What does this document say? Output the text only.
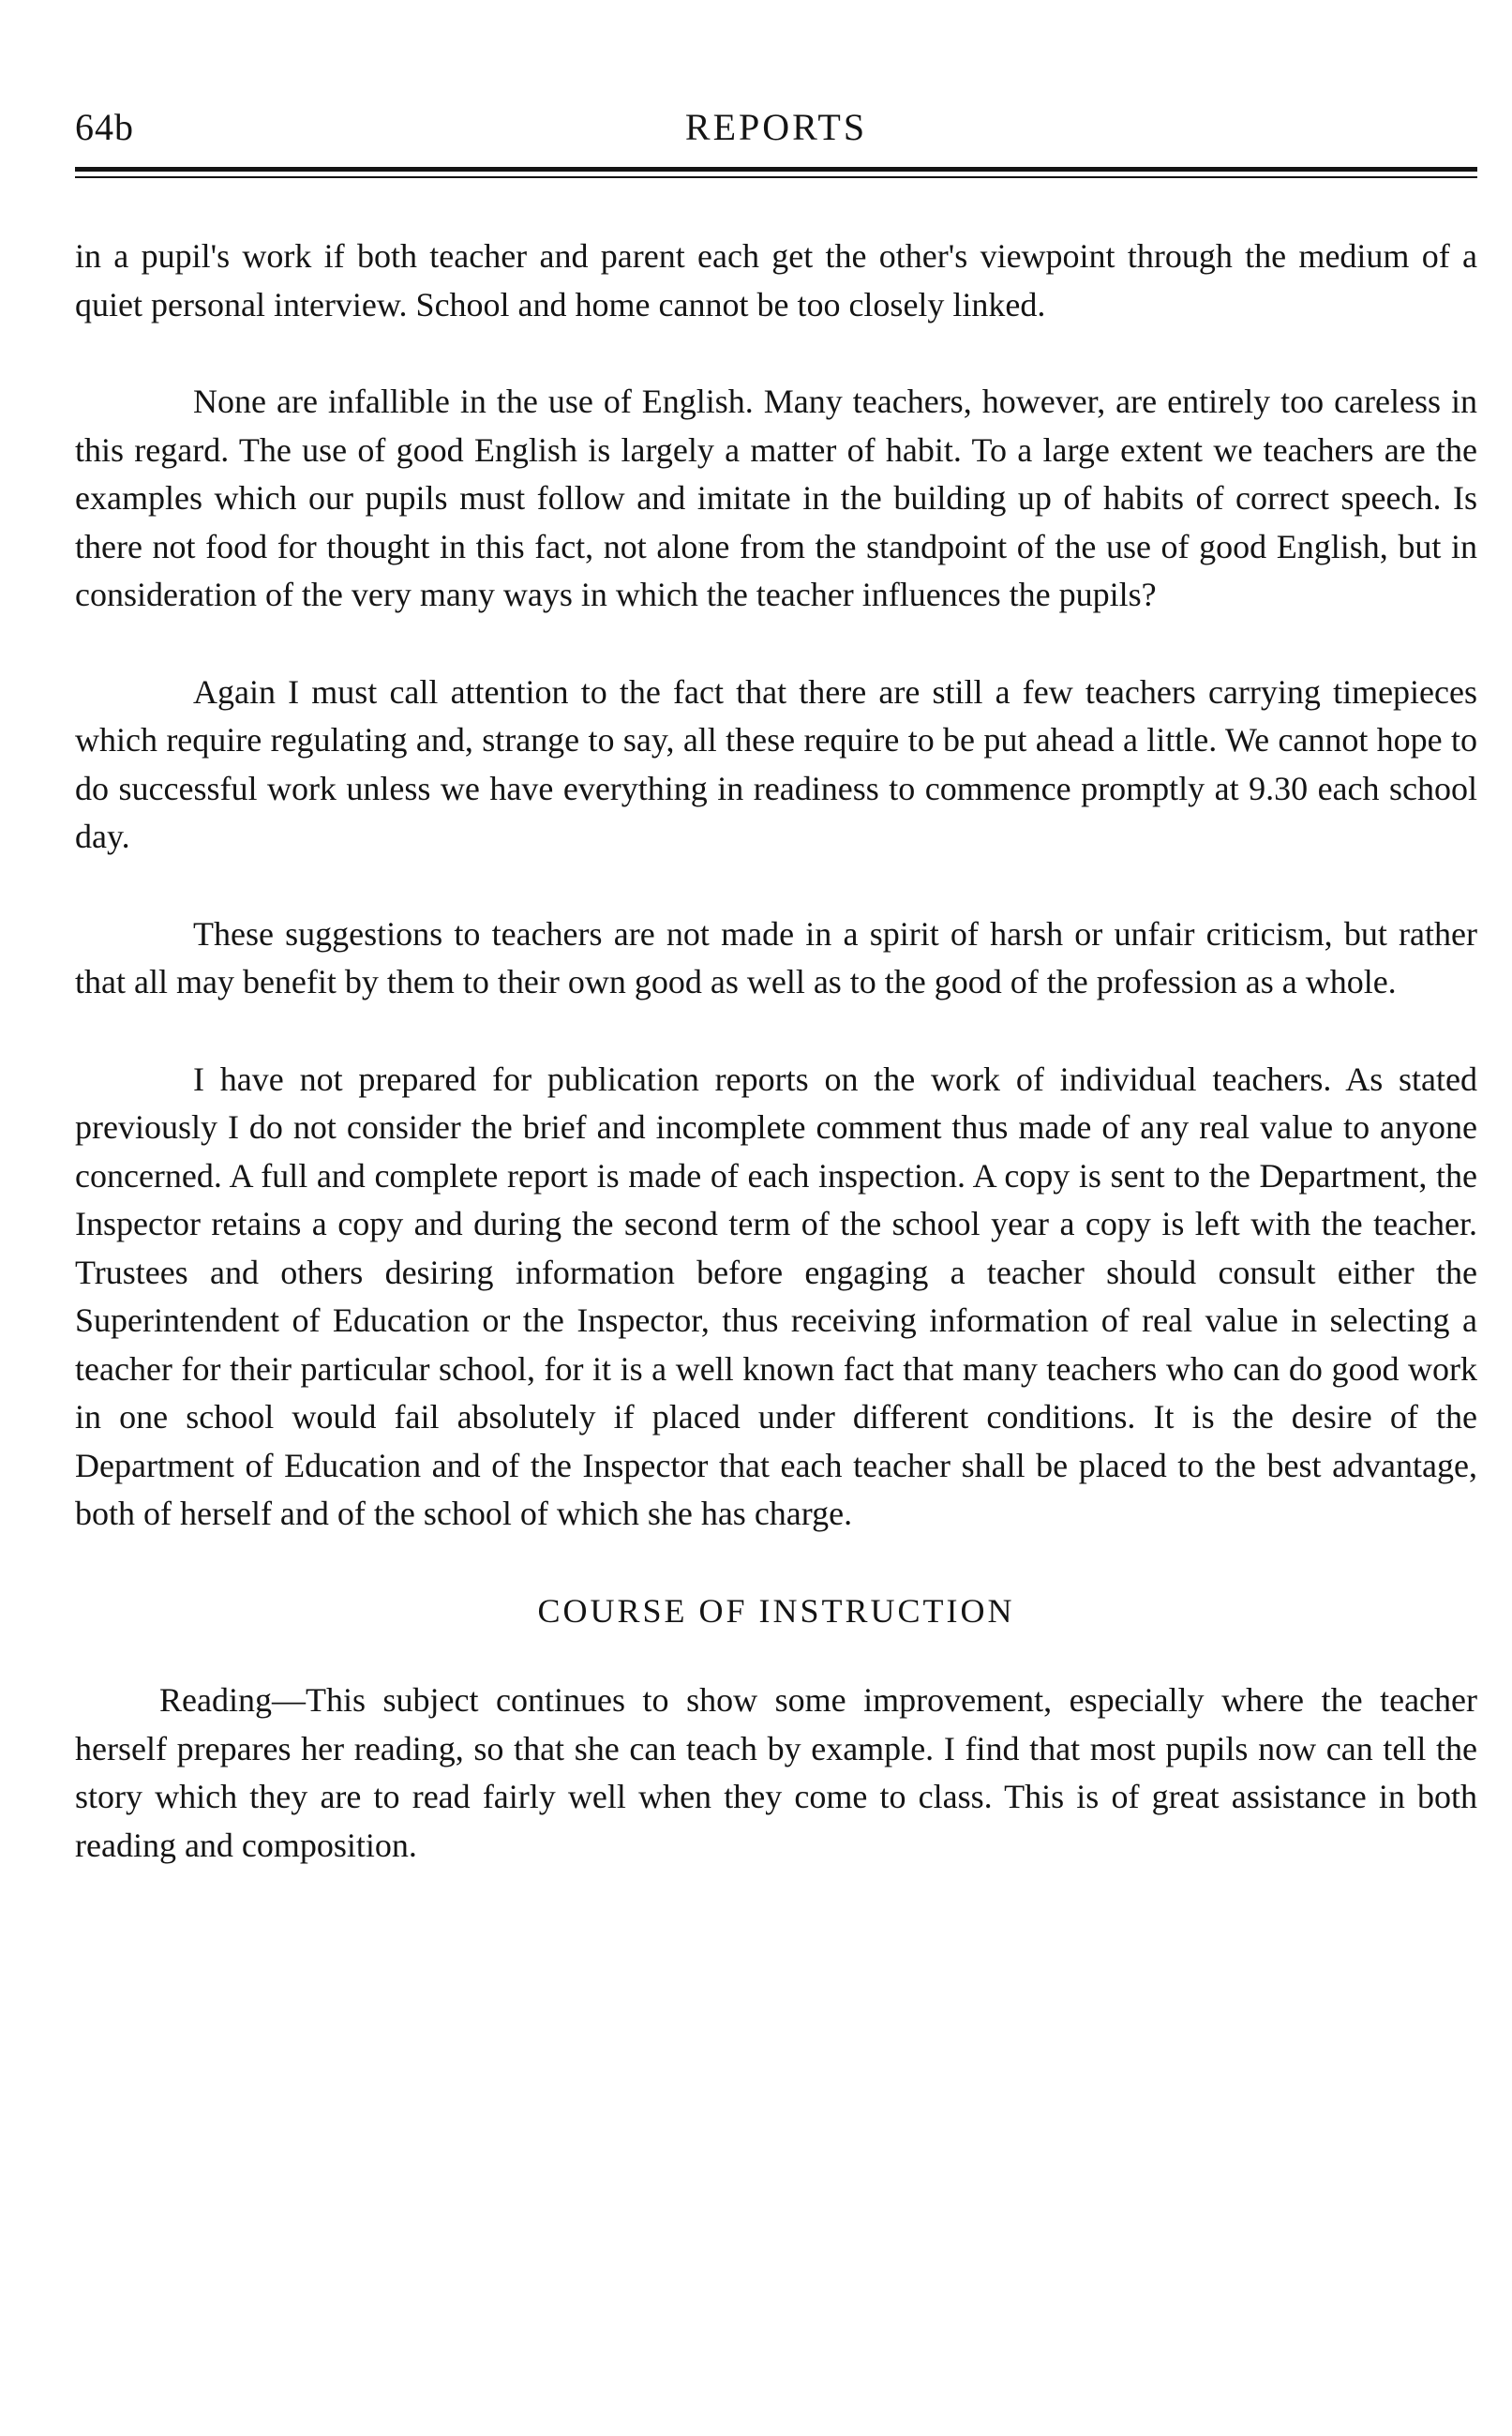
64b	REPORTS

in a pupil's work if both teacher and parent each get the other's viewpoint through the medium of a quiet personal interview. School and home cannot be too closely linked.

None are infallible in the use of English. Many teachers, however, are entirely too careless in this regard. The use of good English is largely a matter of habit. To a large extent we teachers are the examples which our pupils must follow and imitate in the building up of habits of correct speech. Is there not food for thought in this fact, not alone from the standpoint of the use of good English, but in consideration of the very many ways in which the teacher influences the pupils?

Again I must call attention to the fact that there are still a few teachers carrying timepieces which require regulating and, strange to say, all these require to be put ahead a little. We cannot hope to do successful work unless we have everything in readiness to commence promptly at 9.30 each school day.

These suggestions to teachers are not made in a spirit of harsh or unfair criticism, but rather that all may benefit by them to their own good as well as to the good of the profession as a whole.

I have not prepared for publication reports on the work of individual teachers. As stated previously I do not consider the brief and incomplete comment thus made of any real value to anyone concerned. A full and complete report is made of each inspection. A copy is sent to the Department, the Inspector retains a copy and during the second term of the school year a copy is left with the teacher. Trustees and others desiring information before engaging a teacher should consult either the Superintendent of Education or the Inspector, thus receiving information of real value in selecting a teacher for their particular school, for it is a well known fact that many teachers who can do good work in one school would fail absolutely if placed under different conditions. It is the desire of the Department of Education and of the Inspector that each teacher shall be placed to the best advantage, both of herself and of the school of which she has charge.

COURSE OF INSTRUCTION

Reading—This subject continues to show some improvement, especially where the teacher herself prepares her reading, so that she can teach by example. I find that most pupils now can tell the story which they are to read fairly well when they come to class. This is of great assistance in both reading and composition.
